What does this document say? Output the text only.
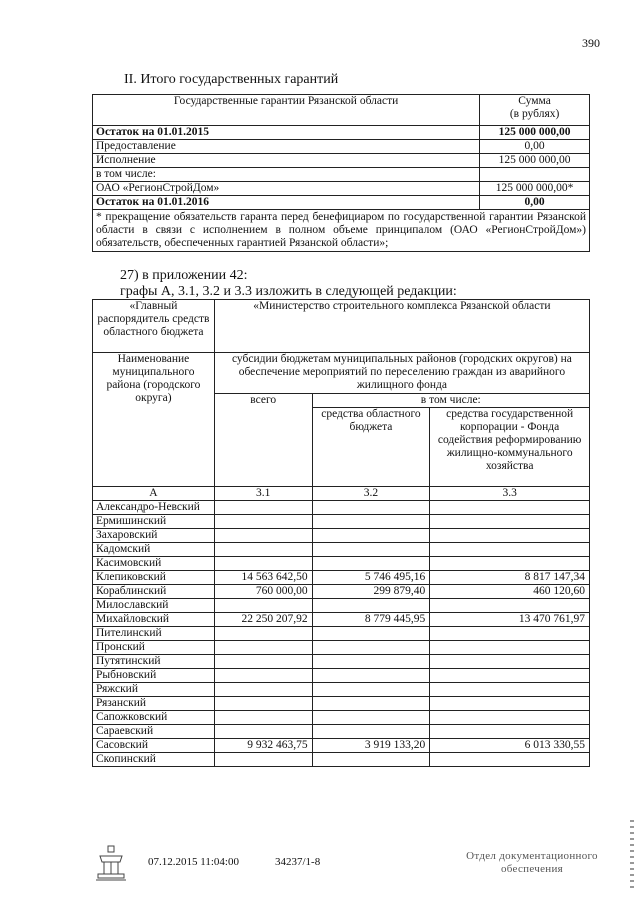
390
II. Итого государственных гарантий
Государственные гарантии Рязанской области	Сумма
(в рублях)

Остаток на 01.01.2015	125 000 000,00
Предоставление	0,00
Исполнение	125 000 000,00
в том числе:	
ОАО «РегионСтройДом»	125 000 000,00*
Остаток на 01.01.2016	0,00
* прекращение обязательств гаранта перед бенефициаром по государственной гарантии Рязанской области в связи с исполнением в полном объеме принципалом (ОАО «РегионСтройДом») обязательств, обеспеченных гарантией Рязанской области»;	
27) в приложении 42:
графы А, 3.1, 3.2 и 3.3 изложить в следующей редакции:
«Главный распорядитель средств областного бюджета	«Министерство строительного комплекса Рязанской области		
Наименование муниципального района (городского округа)	субсидии бюджетам муниципальных районов (городских округов) на обеспечение мероприятий по переселению граждан из аварийного жилищного фонда		
	всего	в том числе:	
		средства областного бюджета	средства государственной корпорации - Фонда содействия реформированию жилищно-коммунального хозяйства
А	3.1	3.2	3.3
Александро-Невский			
Ермишинский			
Захаровский			
Кадомский			
Касимовский			
Клепиковский	14 563 642,50	5 746 495,16	8 817 147,34
Кораблинский	760 000,00	299 879,40	460 120,60
Милославский			
Михайловский	22 250 207,92	8 779 445,95	13 470 761,97
Пителинский			
Пронский			
Путятинский			
Рыбновский			
Ряжский			
Рязанский			
Сапожковский			
Сараевский			
Сасовский	9 932 463,75	3 919 133,20	6 013 330,55
Скопинский			
07.12.2015 11:04:00	34237/1-8	Отдел документационного
обеспечения
